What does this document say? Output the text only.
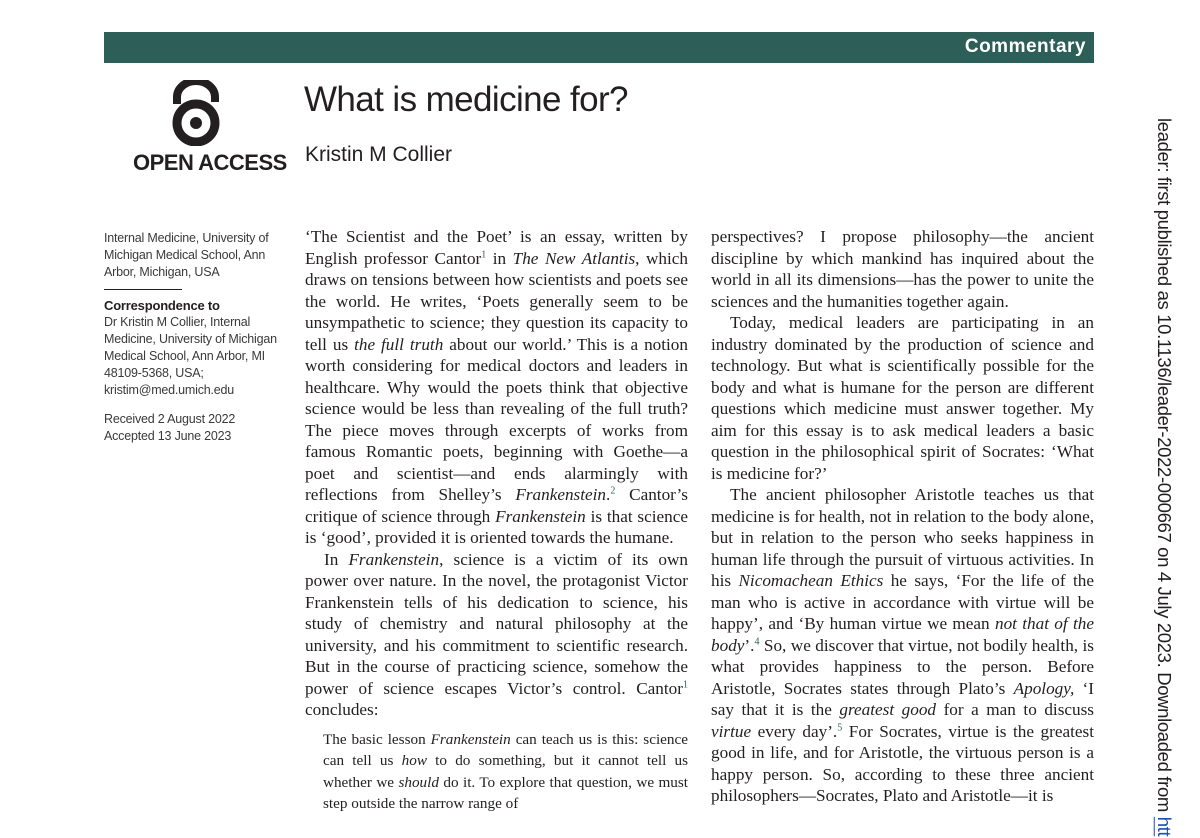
Commentary
OPEN ACCESS
What is medicine for?
Kristin M Collier

Internal Medicine, University of Michigan Medical School, Ann Arbor, Michigan, USA

Correspondence to

Dr Kristin M Collier, Internal Medicine, University of Michigan Medical School, Ann Arbor, MI 48109-5368, USA; kristim@med.umich.edu

Received 2 August 2022

Accepted 13 June 2023

‘The Scientist and the Poet’ is an essay, written by English professor Cantor$^1$ in The New Atlantis, which draws on tensions between how scientists and poets see the world. He writes, ‘Poets generally seem to be unsympathetic to science; they question its capacity to tell us the full truth about our world.’ This is a notion worth considering for medical doctors and leaders in healthcare. Why would the poets think that objective science would be less than revealing of the full truth? The piece moves through excerpts of works from famous Romantic poets, beginning with Goethe—a poet and scientist—and ends alarmingly with reflections from Shelley’s Frankenstein.$^2$ Cantor’s critique of science through Frankenstein is that science is ‘good’, provided it is oriented towards the humane.

In Frankenstein, science is a victim of its own power over nature. In the novel, the protagonist Victor Frankenstein tells of his dedication to science, his study of chemistry and natural philosophy at the university, and his commitment to scientific research. But in the course of practicing science, somehow the power of science escapes Victor’s control. Cantor$^1$ concludes:

The basic lesson Frankenstein can teach us is this: science can tell us how to do something, but it cannot tell us whether we should do it. To explore that question, we must step outside the narrow range of

perspectives? I propose philosophy—the ancient discipline by which mankind has inquired about the world in all its dimensions—has the power to unite the sciences and the humanities together again.

Today, medical leaders are participating in an industry dominated by the production of science and technology. But what is scientifically possible for the body and what is humane for the person are different questions which medicine must answer together. My aim for this essay is to ask medical leaders a basic question in the philosophical spirit of Socrates: ‘What is medicine for?’

The ancient philosopher Aristotle teaches us that medicine is for health, not in relation to the body alone, but in relation to the person who seeks happiness in human life through the pursuit of virtuous activities. In his Nicomachean Ethics he says, ‘For the life of the man who is active in accordance with virtue will be happy’, and ‘By human virtue we mean not that of the body’.$^4$ So, we discover that virtue, not bodily health, is what provides happiness to the person. Before Aristotle, Socrates states through Plato’s Apology, ‘I say that it is the greatest good for a man to discuss virtue every day’.$^5$ For Socrates, virtue is the greatest good in life, and for Aristotle, the virtuous person is a happy person. So, according to these three ancient philosophers—Socrates, Plato and Aristotle—it is	leader: first published as 10.1136/leader-2022-000667 on 4 July 2023. Downloaded from htt
